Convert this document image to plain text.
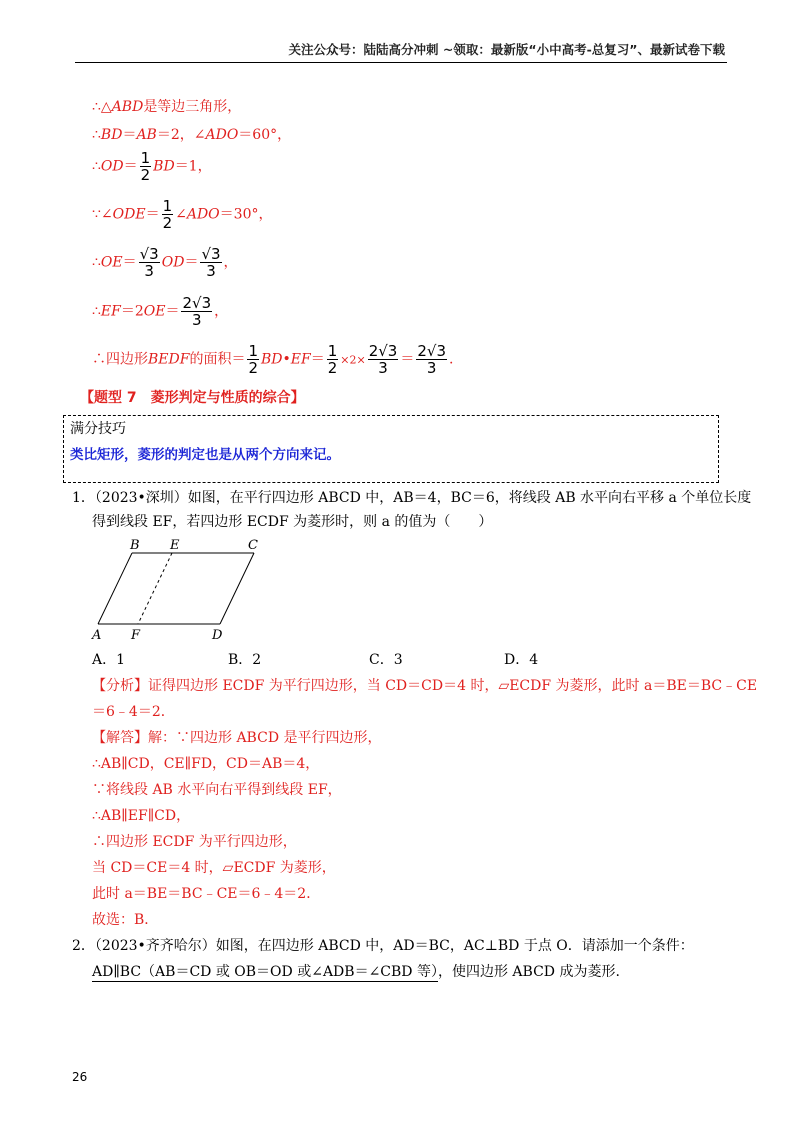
关注公众号：陆陆高分冲刺 ~领取：最新版“小中高考-总复习”、最新试卷下载
∴△ABD是等边三角形，
∴BD＝AB＝2，∠ADO＝60°，
∴OD＝ $\frac{1}{2} BD=1$，
∵∠ODE＝ $\frac{1}{2}$ ∠ADO＝30°，
∴OE＝ $\frac{√3}{3} OD= \frac{√3}{3}$ ，
∴EF＝2OE＝ $\frac{2√3}{3}$ ，
∴四边形BEDF的面积＝ $\frac{1}{2}$ BD•EF＝ $\frac{1}{2} \times 2\times \frac{2√3}{3} = \frac{2√3}{3}$ .
【题型 7　菱形判定与性质的综合】
满分技巧
类比矩形，菱形的判定也是从两个方向来记。
1．（2023•深圳）如图，在平行四边形 ABCD 中，AB＝4，BC＝6，将线段 AB 水平向右平移 a 个单位长度
得到线段 EF，若四边形 ECDF 为菱形时，则 a 的值为（　　）
B E	C
A F	D
A．1	B．2	C．3	D．4
【分析】证得四边形 ECDF 为平行四边形，当 CD＝CD＝4 时，▱ECDF 为菱形，此时 a＝BE＝BC﹣CE
＝6﹣4＝2．
【解答】解：∵四边形 ABCD 是平行四边形，
∴AB∥CD，CE∥FD，CD＝AB＝4，
∵将线段 AB 水平向右平得到线段 EF，
∴AB∥EF∥CD，
∴四边形 ECDF 为平行四边形，
当 CD＝CE＝4 时，▱ECDF 为菱形，
此时 a＝BE＝BC﹣CE＝6﹣4＝2．
故选：B．
2．（2023•齐齐哈尔）如图，在四边形 ABCD 中，AD＝BC，AC⊥BD 于点 O．请添加一个条件：
AD∥BC（AB＝CD 或 OB＝OD 或∠ADB＝∠CBD 等），使四边形 ABCD 成为菱形.
26
